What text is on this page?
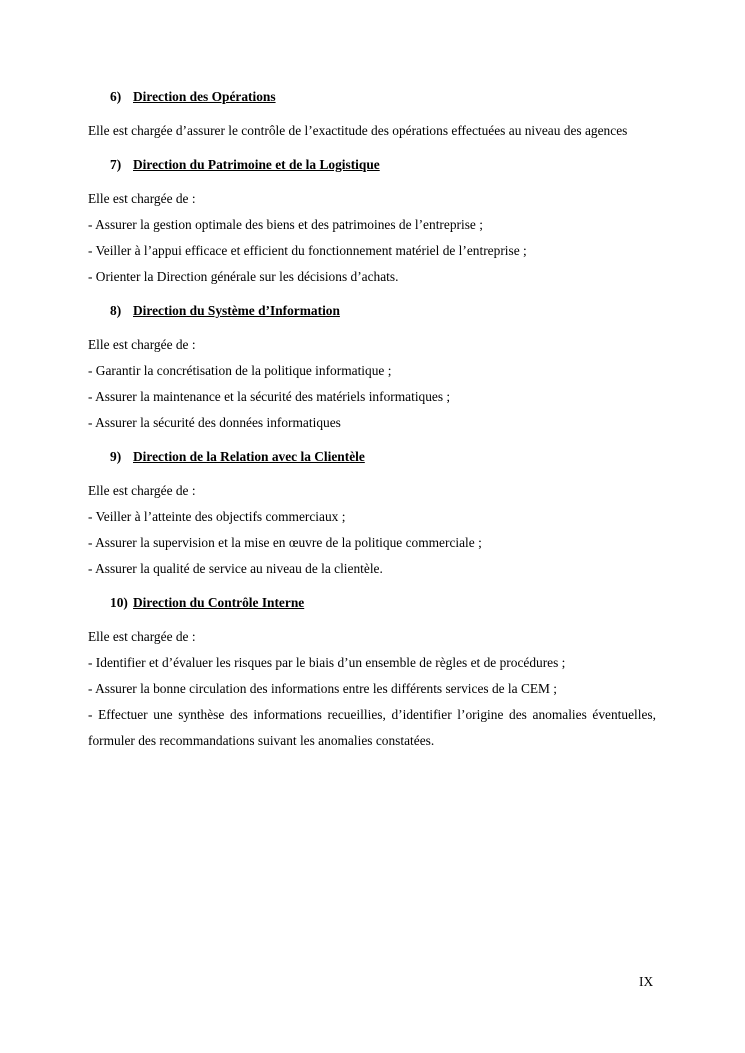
6) Direction des Opérations

Elle est chargée d’assurer le contrôle de l’exactitude des opérations effectuées au niveau des agences

7) Direction du Patrimoine et de la Logistique

Elle est chargée de :

- Assurer la gestion optimale des biens et des patrimoines de l’entreprise ;

- Veiller à l’appui efficace et efficient du fonctionnement matériel de l’entreprise ;

- Orienter la Direction générale sur les décisions d’achats.

8) Direction du Système d’Information

Elle est chargée de :

- Garantir la concrétisation de la politique informatique ;

- Assurer la maintenance et la sécurité des matériels informatiques ;

- Assurer la sécurité des données informatiques

9) Direction de la Relation avec la Clientèle

Elle est chargée de :

- Veiller à l’atteinte des objectifs commerciaux ;

- Assurer la supervision et la mise en œuvre de la politique commerciale ;

- Assurer la qualité de service au niveau de la clientèle.

10) Direction du Contrôle Interne

Elle est chargée de :

- Identifier et d’évaluer les risques par le biais d’un ensemble de règles et de procédures ;

- Assurer la bonne circulation des informations entre les différents services de la CEM ;

- Effectuer une synthèse des informations recueillies, d’identifier l’origine des anomalies éventuelles, formuler des recommandations suivant les anomalies constatées.

IX
